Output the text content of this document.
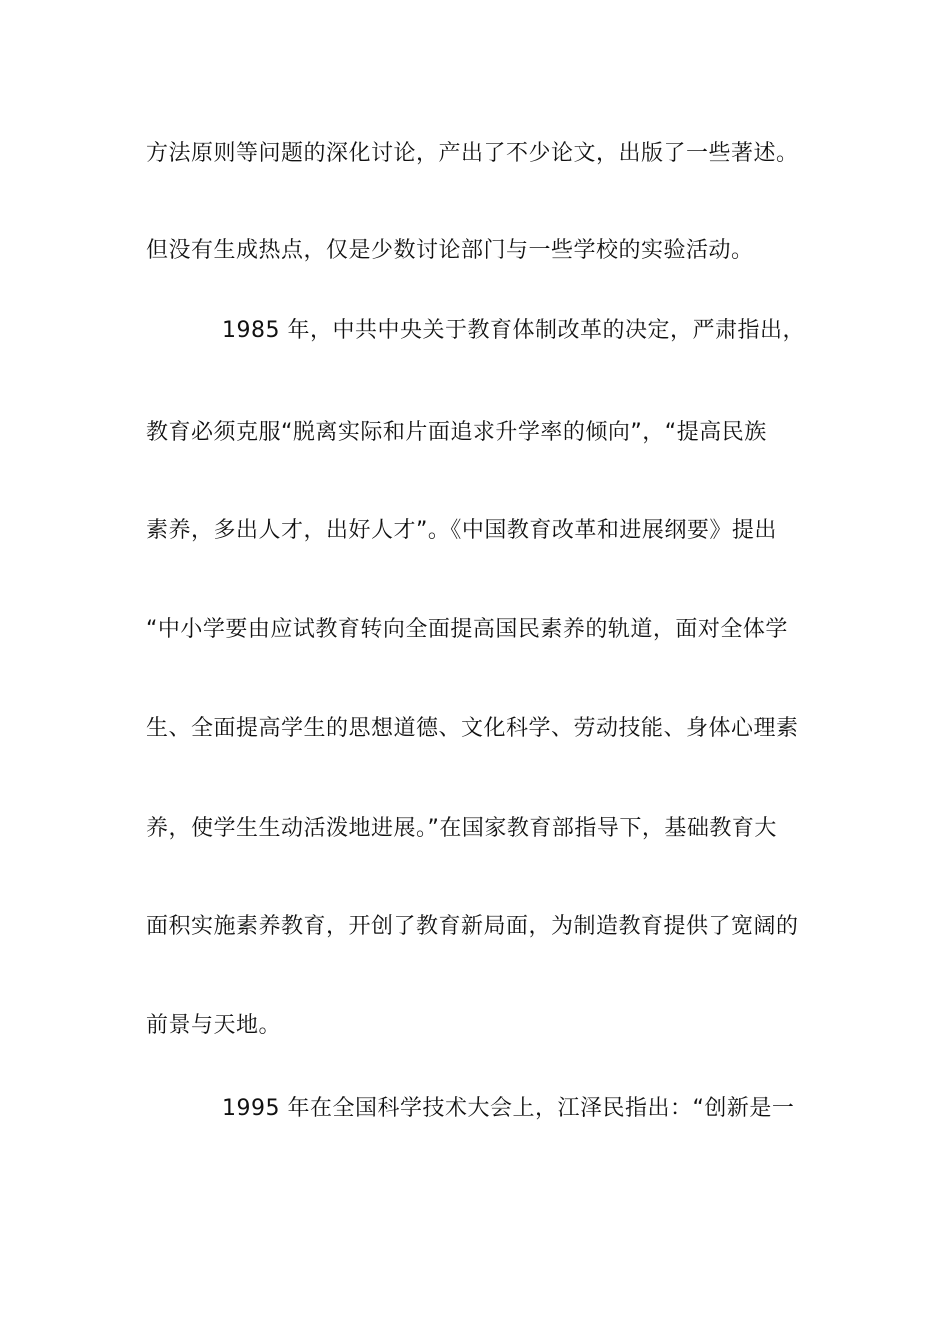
方法原则等问题的深化讨论，产出了不少论文，出版了一些著述。
但没有生成热点，仅是少数讨论部门与一些学校的实验活动。
1985 年，中共中央关于教育体制改革的决定，严肃指出，
教育必须克服“脱离实际和片面追求升学率的倾向”，“提高民族
素养，多出人才，出好人才”。《中国教育改革和进展纲要》提出
“中小学要由应试教育转向全面提高国民素养的轨道，面对全体学
生、全面提高学生的思想道德、文化科学、劳动技能、身体心理素
养，使学生生动活泼地进展。”在国家教育部指导下，基础教育大
面积实施素养教育，开创了教育新局面，为制造教育提供了宽阔的
前景与天地。
1995 年在全国科学技术大会上，江泽民指出：“创新是一
